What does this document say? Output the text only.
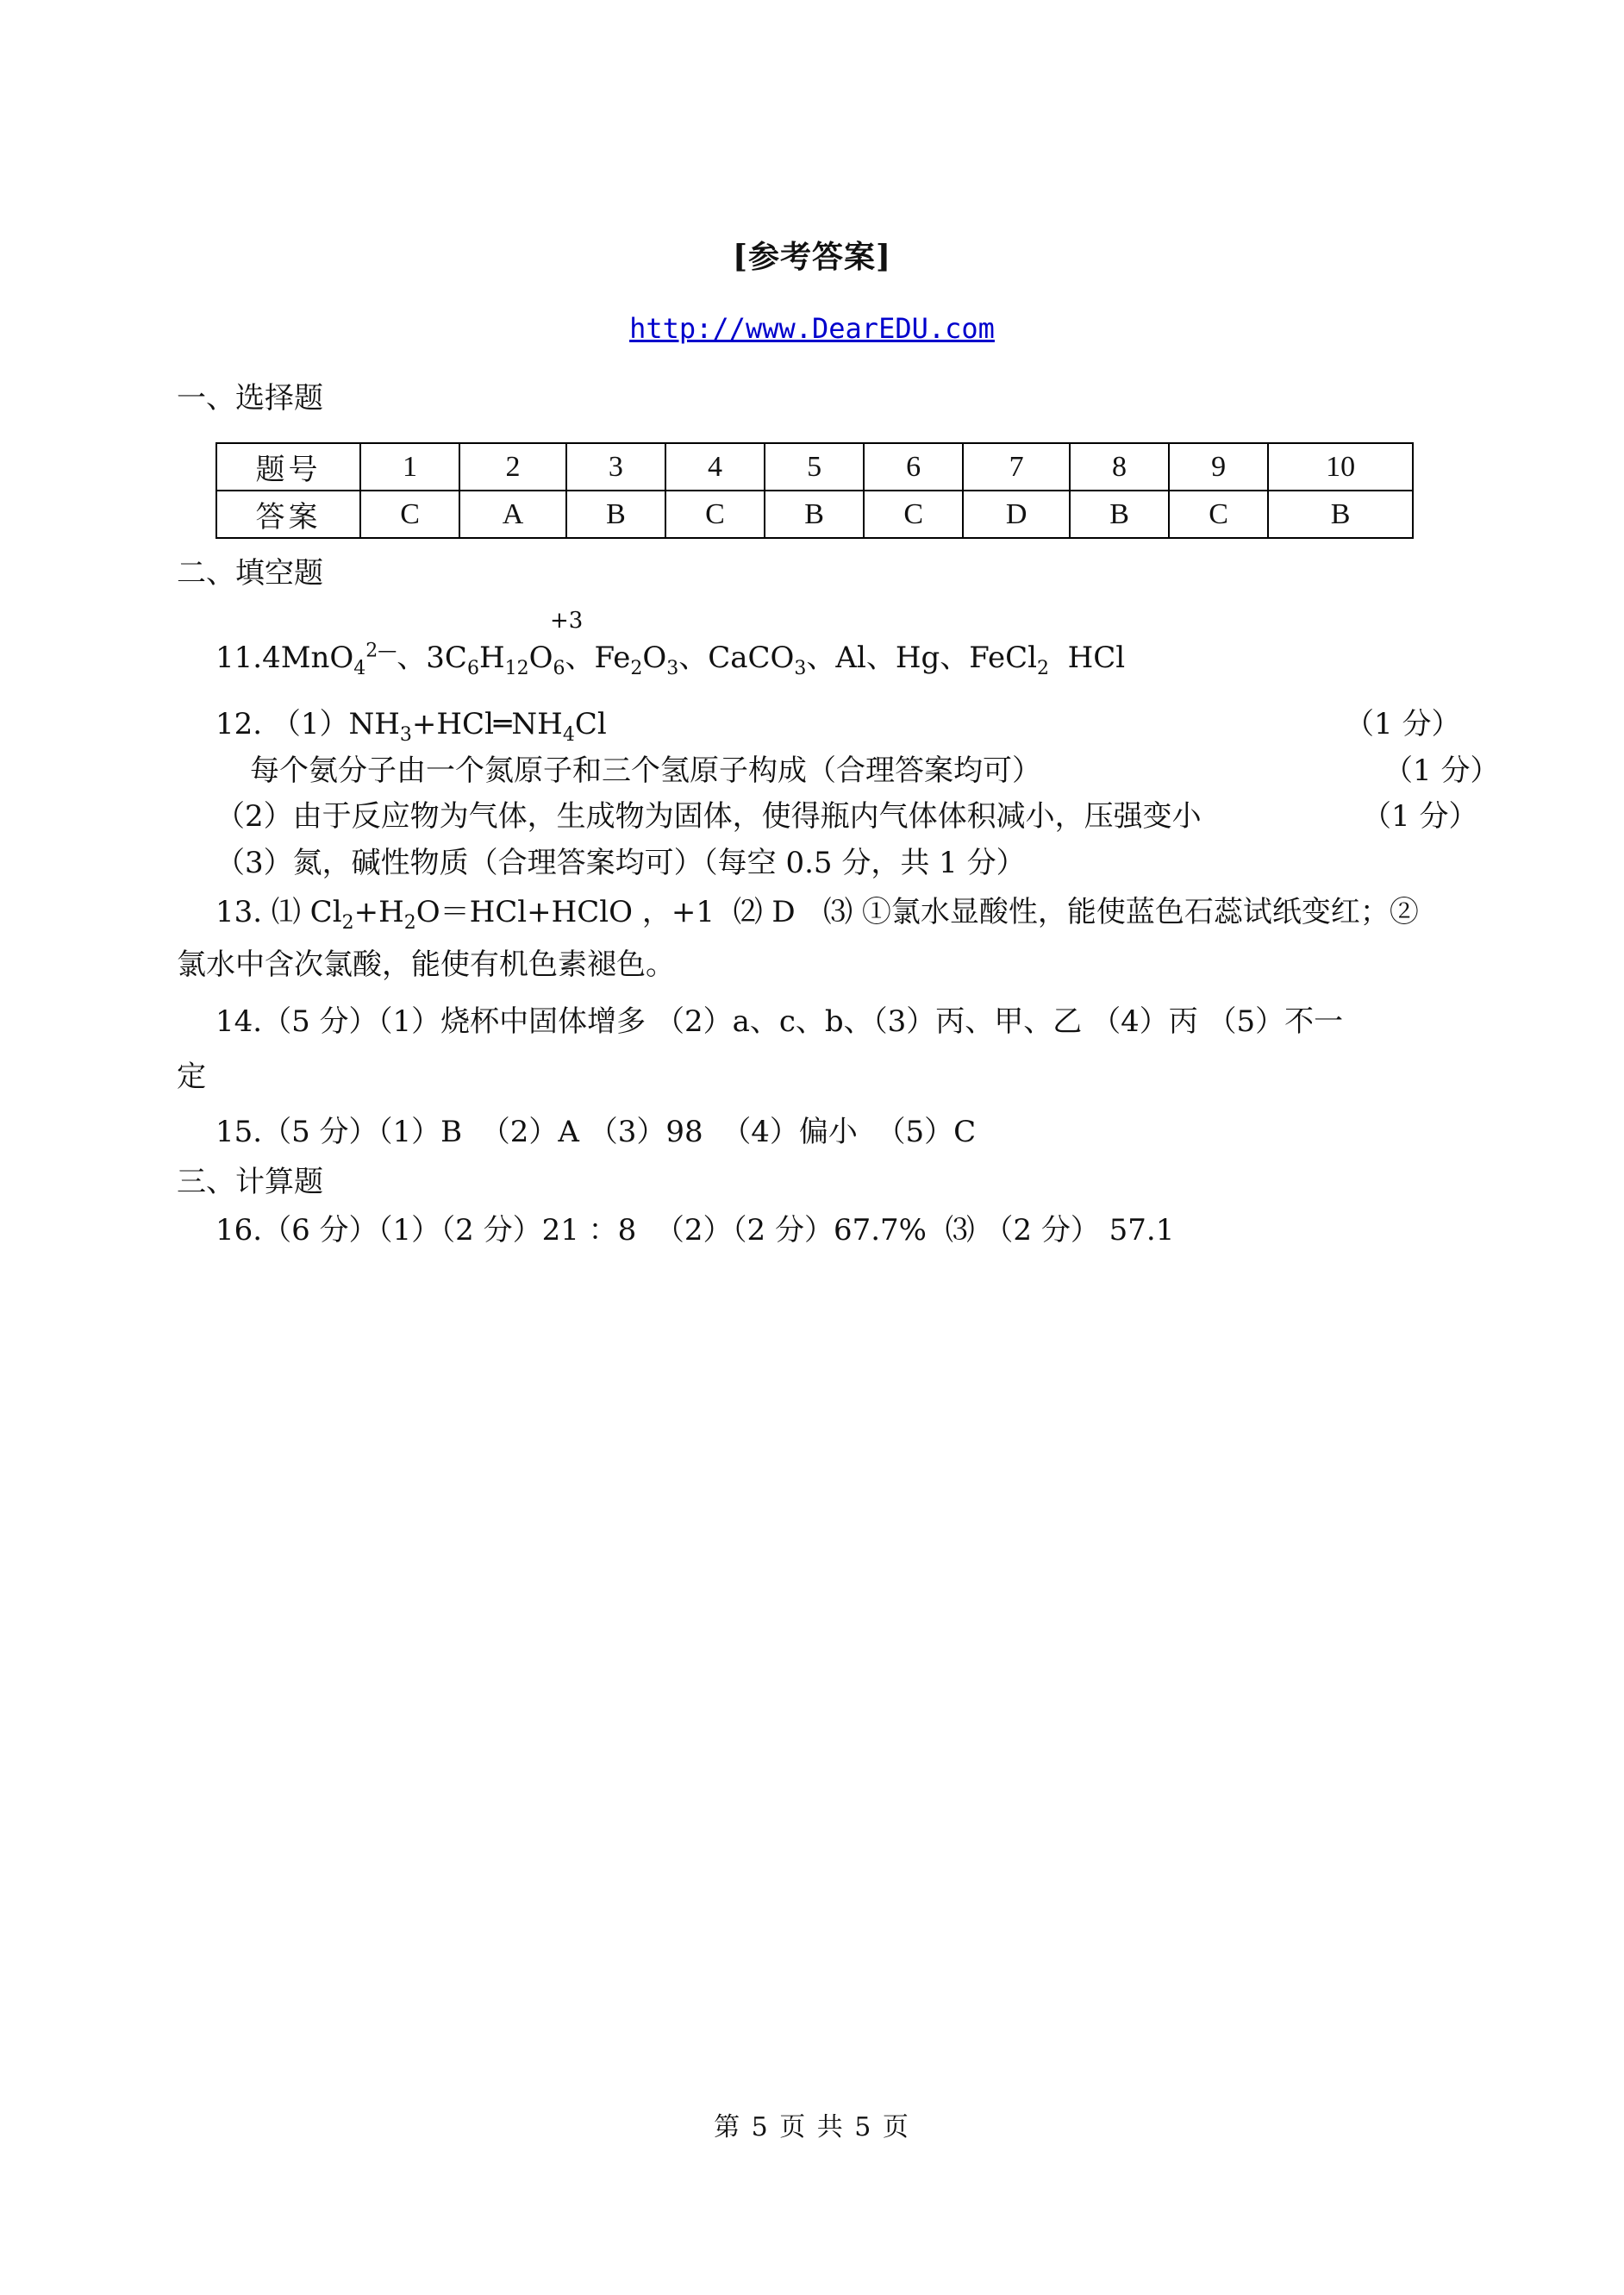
[参考答案]
http://www.DearEDU.com
一、选择题
题号	1	2	3	4	5	6	7	8	9	10
答案	C	A	B	C	B	C	D	B	C	B
二、填空题
+3
11.4MnO$_4^{2—}$、$3C_6H_{12}O_6$、$Fe_2O_3$、CaCO$_3$、Al、Hg、FeCl$_2$  HCl
12. $(1)NH_3+HCl═NH_4Cl$	（1 分）
每个氨分子由一个氮原子和三个氢原子构成（合理答案均可）	（1 分）
（2）由于反应物为气体，生成物为固体，使得瓶内气体体积减小，压强变小	（1 分）
（3）氮，碱性物质（合理答案均可）（每空 0.5 分，共 1 分）
13. ⑴ $Cl_2+H_2O=HCl+HClO$ ，+1  ⑵ D   ⑶ ①氯水显酸性，能使蓝色石蕊试纸变红；②
氯水中含次氯酸，能使有机色素褪色。
14.（5 分）（1）烧杯中固体增多 （2）a、c、b、（3）丙、甲、乙 （4）丙 （5）不一
定
15.（5 分）（1）B  （2）A （3）98  （4）偏小  （5）C
三、计算题
16.（6 分）（1）（2 分）21 ：8  （2）（2 分）67.7%  ⑶ （2 分） 57.1
第 5 页 共 5 页
